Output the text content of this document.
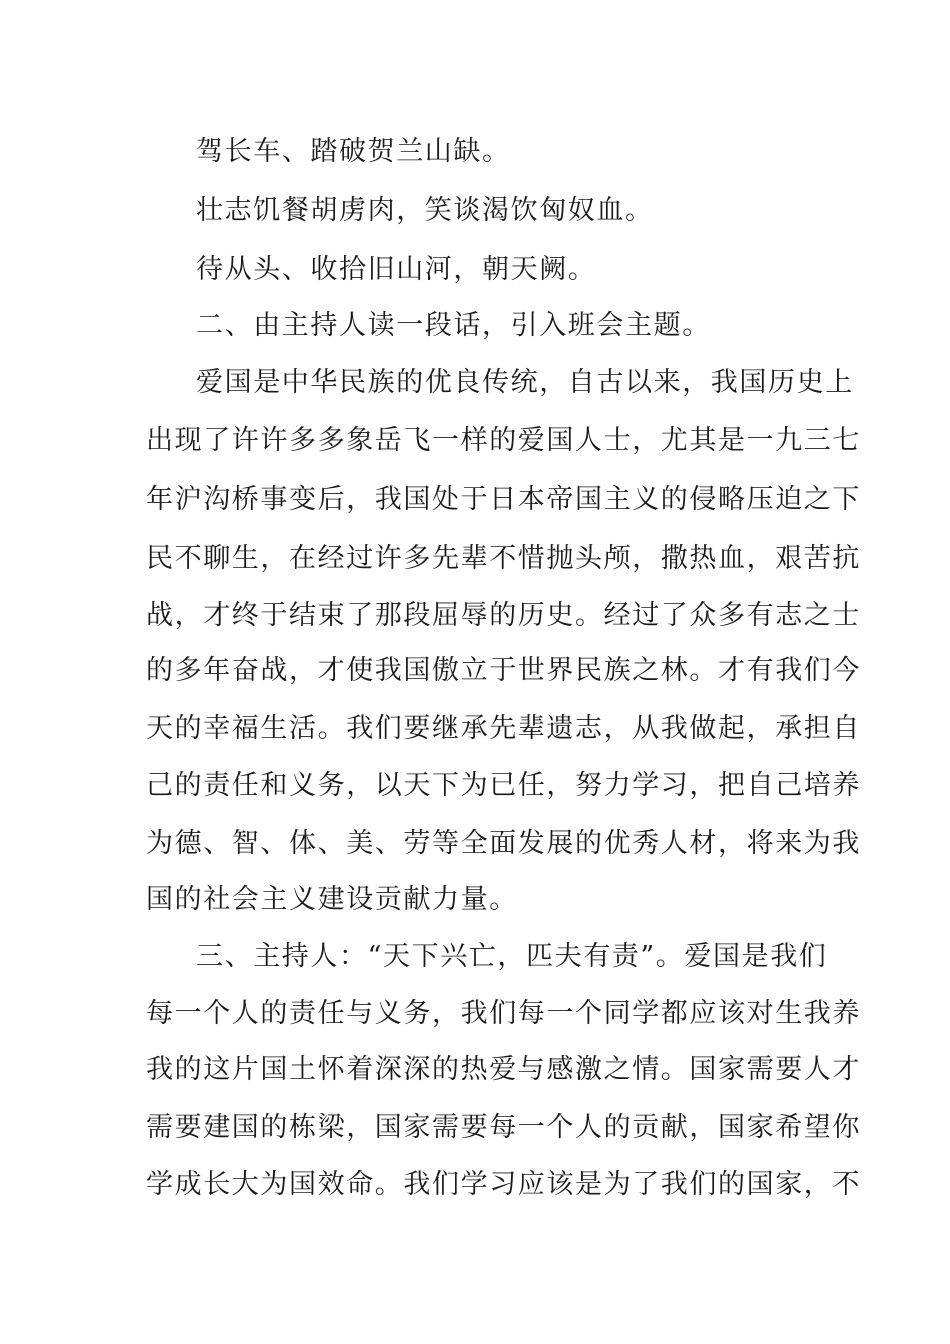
驾长车、踏破贺兰山缺。
壮志饥餐胡虏肉，笑谈渴饮匈奴血。
待从头、收拾旧山河，朝天阙。
二、由主持人读一段话，引入班会主题。
爱国是中华民族的优良传统，自古以来，我国历史上
出现了许许多多象岳飞一样的爱国人士，尤其是一九三七
年沪沟桥事变后，我国处于日本帝国主义的侵略压迫之下
民不聊生，在经过许多先辈不惜抛头颅，撒热血，艰苦抗
战，才终于结束了那段屈辱的历史。经过了众多有志之士
的多年奋战，才使我国傲立于世界民族之林。才有我们今
天的幸福生活。我们要继承先辈遗志，从我做起，承担自
己的责任和义务，以天下为已任，努力学习，把自己培养
为德、智、体、美、劳等全面发展的优秀人材，将来为我
国的社会主义建设贡献力量。
三、主持人：“天下兴亡，匹夫有责”。爱国是我们
每一个人的责任与义务，我们每一个同学都应该对生我养
我的这片国土怀着深深的热爱与感激之情。国家需要人才
需要建国的栋梁，国家需要每一个人的贡献，国家希望你
学成长大为国效命。我们学习应该是为了我们的国家，不
